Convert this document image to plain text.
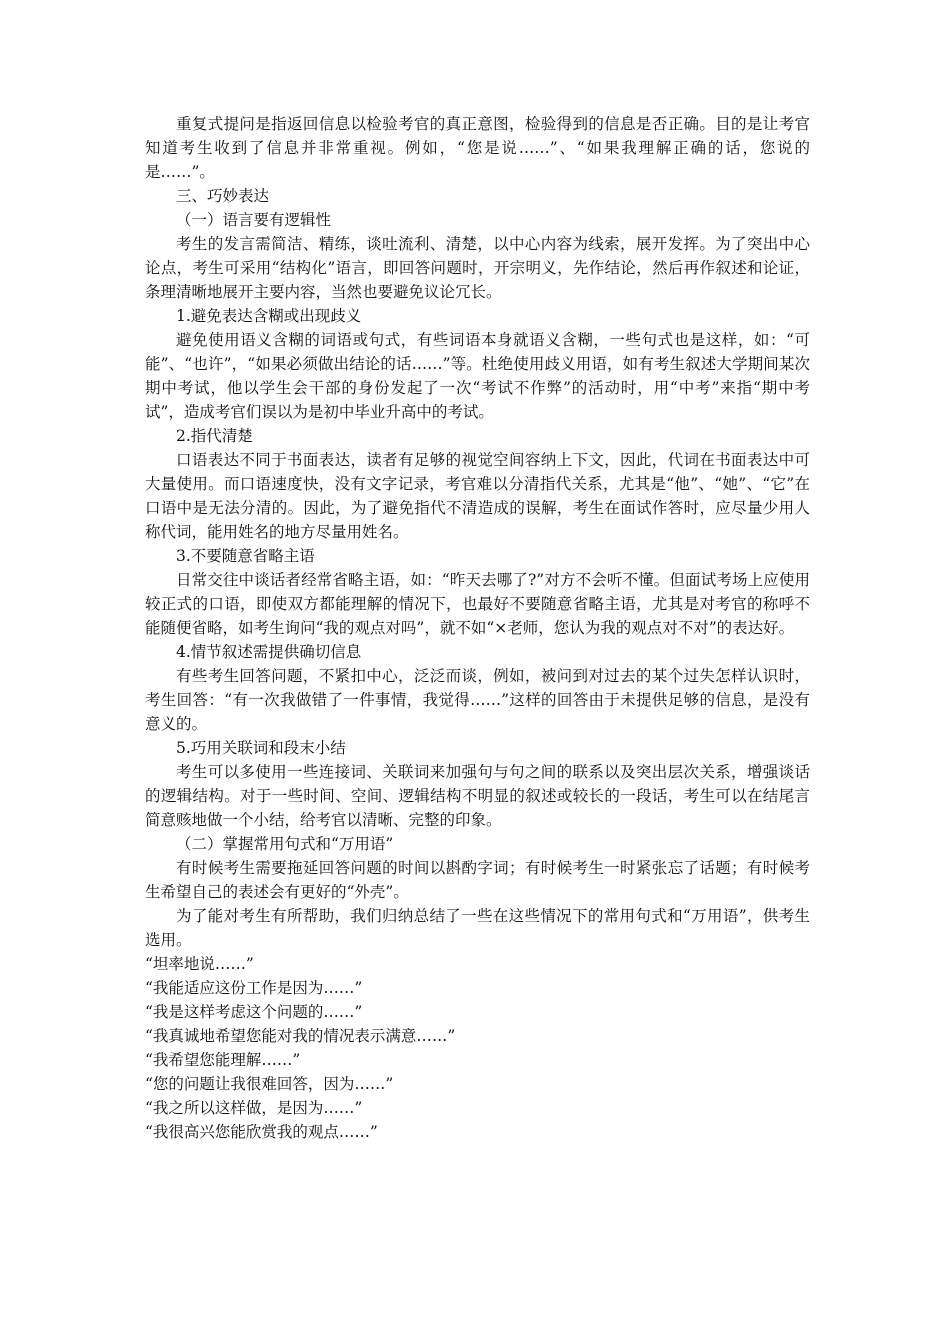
重复式提问是指返回信息以检验考官的真正意图，检验得到的信息是否正确。目的是让考官知道考生收到了信息并非常重视。例如，“您是说……”、“如果我理解正确的话，您说的是……”。

三、巧妙表达

（一）语言要有逻辑性

考生的发言需简洁、精练，谈吐流利、清楚，以中心内容为线索，展开发挥。为了突出中心论点，考生可采用“结构化”语言，即回答问题时，开宗明义，先作结论，然后再作叙述和论证，条理清晰地展开主要内容，当然也要避免议论冗长。

1.避免表达含糊或出现歧义

避免使用语义含糊的词语或句式，有些词语本身就语义含糊，一些句式也是这样，如：“可能”、“也许”，“如果必须做出结论的话……”等。杜绝使用歧义用语，如有考生叙述大学期间某次期中考试，他以学生会干部的身份发起了一次“考试不作弊”的活动时，用“中考”来指“期中考试”，造成考官们误以为是初中毕业升高中的考试。

2.指代清楚

口语表达不同于书面表达，读者有足够的视觉空间容纳上下文，因此，代词在书面表达中可大量使用。而口语速度快，没有文字记录，考官难以分清指代关系，尤其是“他”、“她”、“它”在口语中是无法分清的。因此，为了避免指代不清造成的误解，考生在面试作答时，应尽量少用人称代词，能用姓名的地方尽量用姓名。

3.不要随意省略主语

日常交往中谈话者经常省略主语，如：“昨天去哪了?”对方不会听不懂。但面试考场上应使用较正式的口语，即使双方都能理解的情况下，也最好不要随意省略主语，尤其是对考官的称呼不能随便省略，如考生询问“我的观点对吗”，就不如“×老师，您认为我的观点对不对”的表达好。

4.情节叙述需提供确切信息

有些考生回答问题，不紧扣中心，泛泛而谈，例如，被问到对过去的某个过失怎样认识时，考生回答：“有一次我做错了一件事情，我觉得……”这样的回答由于未提供足够的信息，是没有意义的。

5.巧用关联词和段末小结

考生可以多使用一些连接词、关联词来加强句与句之间的联系以及突出层次关系，增强谈话的逻辑结构。对于一些时间、空间、逻辑结构不明显的叙述或较长的一段话，考生可以在结尾言简意赅地做一个小结，给考官以清晰、完整的印象。

（二）掌握常用句式和“万用语”

有时候考生需要拖延回答问题的时间以斟酌字词；有时候考生一时紧张忘了话题；有时候考生希望自己的表述会有更好的“外壳”。

为了能对考生有所帮助，我们归纳总结了一些在这些情况下的常用句式和“万用语”，供考生选用。

“坦率地说……”

“我能适应这份工作是因为……”

“我是这样考虑这个问题的……”

“我真诚地希望您能对我的情况表示满意……”

“我希望您能理解……”

“您的问题让我很难回答，因为……”

“我之所以这样做，是因为……”

“我很高兴您能欣赏我的观点……”
